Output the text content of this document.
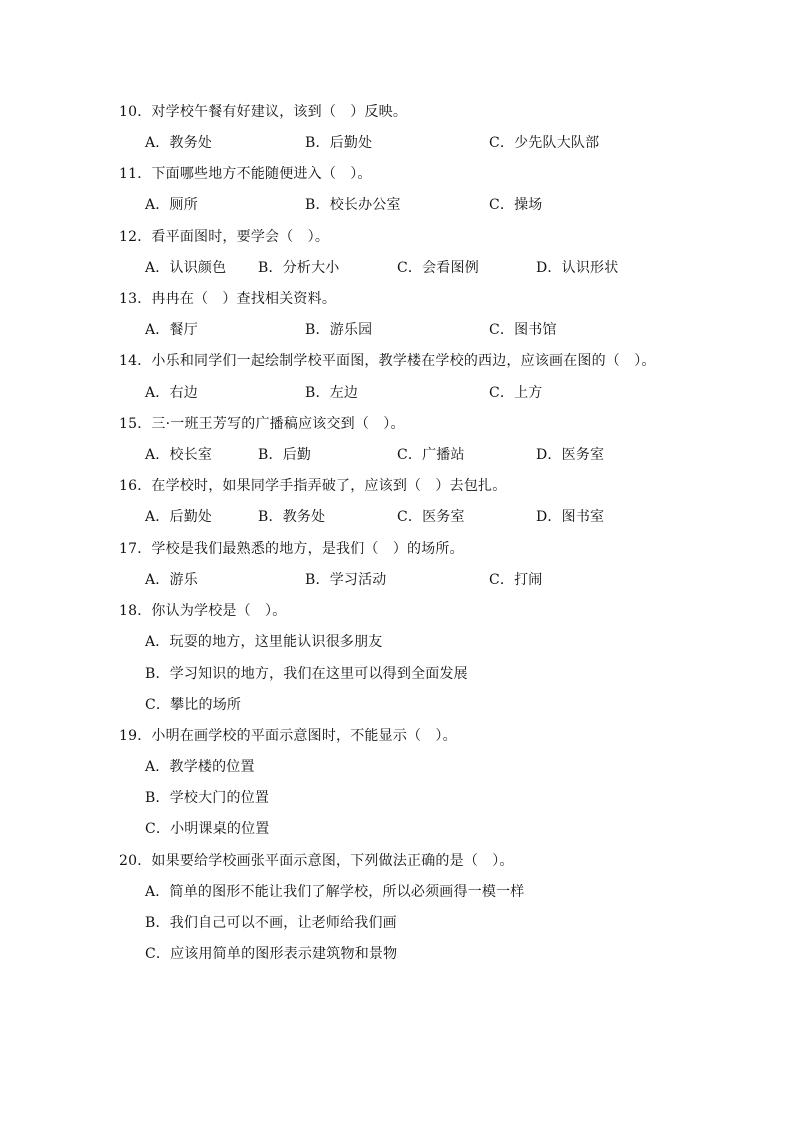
10．对学校午餐有好建议，该到（　）反映。
A．教务处	B．后勤处	C．少先队大队部
11．下面哪些地方不能随便进入（　）。
A．厕所	B．校长办公室	C．操场
12．看平面图时，要学会（　）。
A．认识颜色 B．分析大小	C．会看图例	D．认识形状
13．冉冉在（　）查找相关资料。
A．餐厅	B．游乐园	C．图书馆
14．小乐和同学们一起绘制学校平面图，教学楼在学校的西边，应该画在图的（　）。
A．右边	B．左边	C．上方
15．三·一班王芳写的广播稿应该交到（　）。
A．校长室	B．后勤	C．广播站	D．医务室
16．在学校时，如果同学手指弄破了，应该到（　）去包扎。
A．后勤处	B．教务处	C．医务室	D．图书室
17．学校是我们最熟悉的地方，是我们（　）的场所。
A．游乐	B．学习活动	C．打闹
18．你认为学校是（　）。
A．玩耍的地方，这里能认识很多朋友
B．学习知识的地方，我们在这里可以得到全面发展
C．攀比的场所
19．小明在画学校的平面示意图时，不能显示（　）。
A．教学楼的位置
B．学校大门的位置
C．小明课桌的位置
20．如果要给学校画张平面示意图，下列做法正确的是（　）。
A．简单的图形不能让我们了解学校，所以必须画得一模一样
B．我们自己可以不画，让老师给我们画
C．应该用简单的图形表示建筑物和景物
